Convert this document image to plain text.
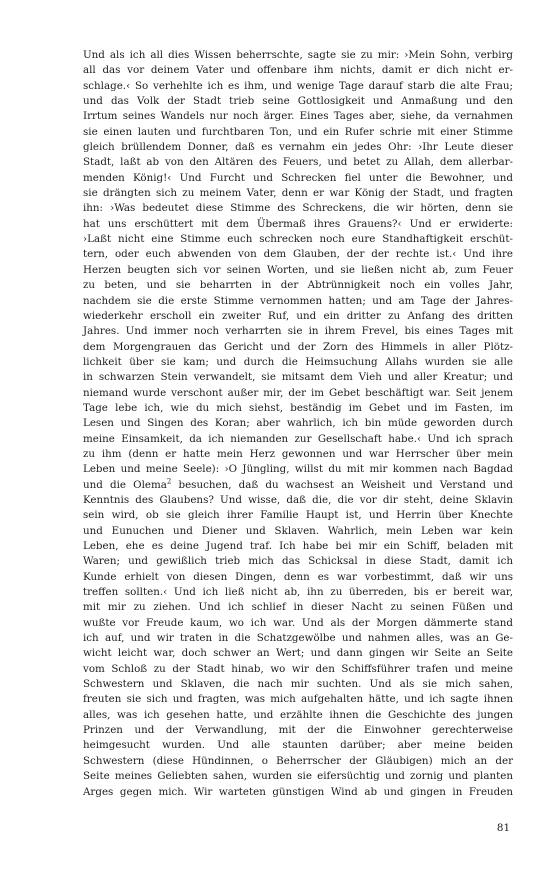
Und als ich all dies Wissen beherrschte, sagte sie zu mir: ›Mein Sohn, verbirg
all das vor deinem Vater und offenbare ihm nichts, damit er dich nicht er-
schlage.‹ So verhehlte ich es ihm, und wenige Tage darauf starb die alte Frau;
und das Volk der Stadt trieb seine Gottlosigkeit und Anmaßung und den
Irrtum seines Wandels nur noch ärger. Eines Tages aber, siehe, da vernahmen
sie einen lauten und furchtbaren Ton, und ein Rufer schrie mit einer Stimme
gleich brüllendem Donner, daß es vernahm ein jedes Ohr: ›Ihr Leute dieser
Stadt, laßt ab von den Altären des Feuers, und betet zu Allah, dem allerbar-
menden König!‹ Und Furcht und Schrecken fiel unter die Bewohner, und
sie drängten sich zu meinem Vater, denn er war König der Stadt, und fragten
ihn: ›Was bedeutet diese Stimme des Schreckens, die wir hörten, denn sie
hat uns erschüttert mit dem Übermaß ihres Grauens?‹ Und er erwiderte:
›Laßt nicht eine Stimme euch schrecken noch eure Standhaftigkeit erschüt-
tern, oder euch abwenden von dem Glauben, der der rechte ist.‹ Und ihre
Herzen beugten sich vor seinen Worten, und sie ließen nicht ab, zum Feuer
zu beten, und sie beharrten in der Abtrünnigkeit noch ein volles Jahr,
nachdem sie die erste Stimme vernommen hatten; und am Tage der Jahres-
wiederkehr erscholl ein zweiter Ruf, und ein dritter zu Anfang des dritten
Jahres. Und immer noch verharrten sie in ihrem Frevel, bis eines Tages mit
dem Morgengrauen das Gericht und der Zorn des Himmels in aller Plötz-
lichkeit über sie kam; und durch die Heimsuchung Allahs wurden sie alle
in schwarzen Stein verwandelt, sie mitsamt dem Vieh und aller Kreatur; und
niemand wurde verschont außer mir, der im Gebet beschäftigt war. Seit jenem
Tage lebe ich, wie du mich siehst, beständig im Gebet und im Fasten, im
Lesen und Singen des Koran; aber wahrlich, ich bin müde geworden durch
meine Einsamkeit, da ich niemanden zur Gesellschaft habe.‹ Und ich sprach
zu ihm (denn er hatte mein Herz gewonnen und war Herrscher über mein
Leben und meine Seele): ›O Jüngling, willst du mit mir kommen nach Bagdad
und die Olema$^2$ besuchen, daß du wachsest an Weisheit und Verstand und
Kenntnis des Glaubens? Und wisse, daß die, die vor dir steht, deine Sklavin
sein wird, ob sie gleich ihrer Familie Haupt ist, und Herrin über Knechte
und Eunuchen und Diener und Sklaven. Wahrlich, mein Leben war kein
Leben, ehe es deine Jugend traf. Ich habe bei mir ein Schiff, beladen mit
Waren; und gewißlich trieb mich das Schicksal in diese Stadt, damit ich
Kunde erhielt von diesen Dingen, denn es war vorbestimmt, daß wir uns
treffen sollten.‹ Und ich ließ nicht ab, ihn zu überreden, bis er bereit war,
mit mir zu ziehen. Und ich schlief in dieser Nacht zu seinen Füßen und
wußte vor Freude kaum, wo ich war. Und als der Morgen dämmerte stand
ich auf, und wir traten in die Schatzgewölbe und nahmen alles, was an Ge-
wicht leicht war, doch schwer an Wert; und dann gingen wir Seite an Seite
vom Schloß zu der Stadt hinab, wo wir den Schiffsführer trafen und meine
Schwestern und Sklaven, die nach mir suchten. Und als sie mich sahen,
freuten sie sich und fragten, was mich aufgehalten hätte, und ich sagte ihnen
alles, was ich gesehen hatte, und erzählte ihnen die Geschichte des jungen
Prinzen und der Verwandlung, mit der die Einwohner gerechterweise
heimgesucht wurden. Und alle staunten darüber; aber meine beiden
Schwestern (diese Hündinnen, o Beherrscher der Gläubigen) mich an der
Seite meines Geliebten sahen, wurden sie eifersüchtig und zornig und planten
Arges gegen mich. Wir warteten günstigen Wind ab und gingen in Freuden
81
